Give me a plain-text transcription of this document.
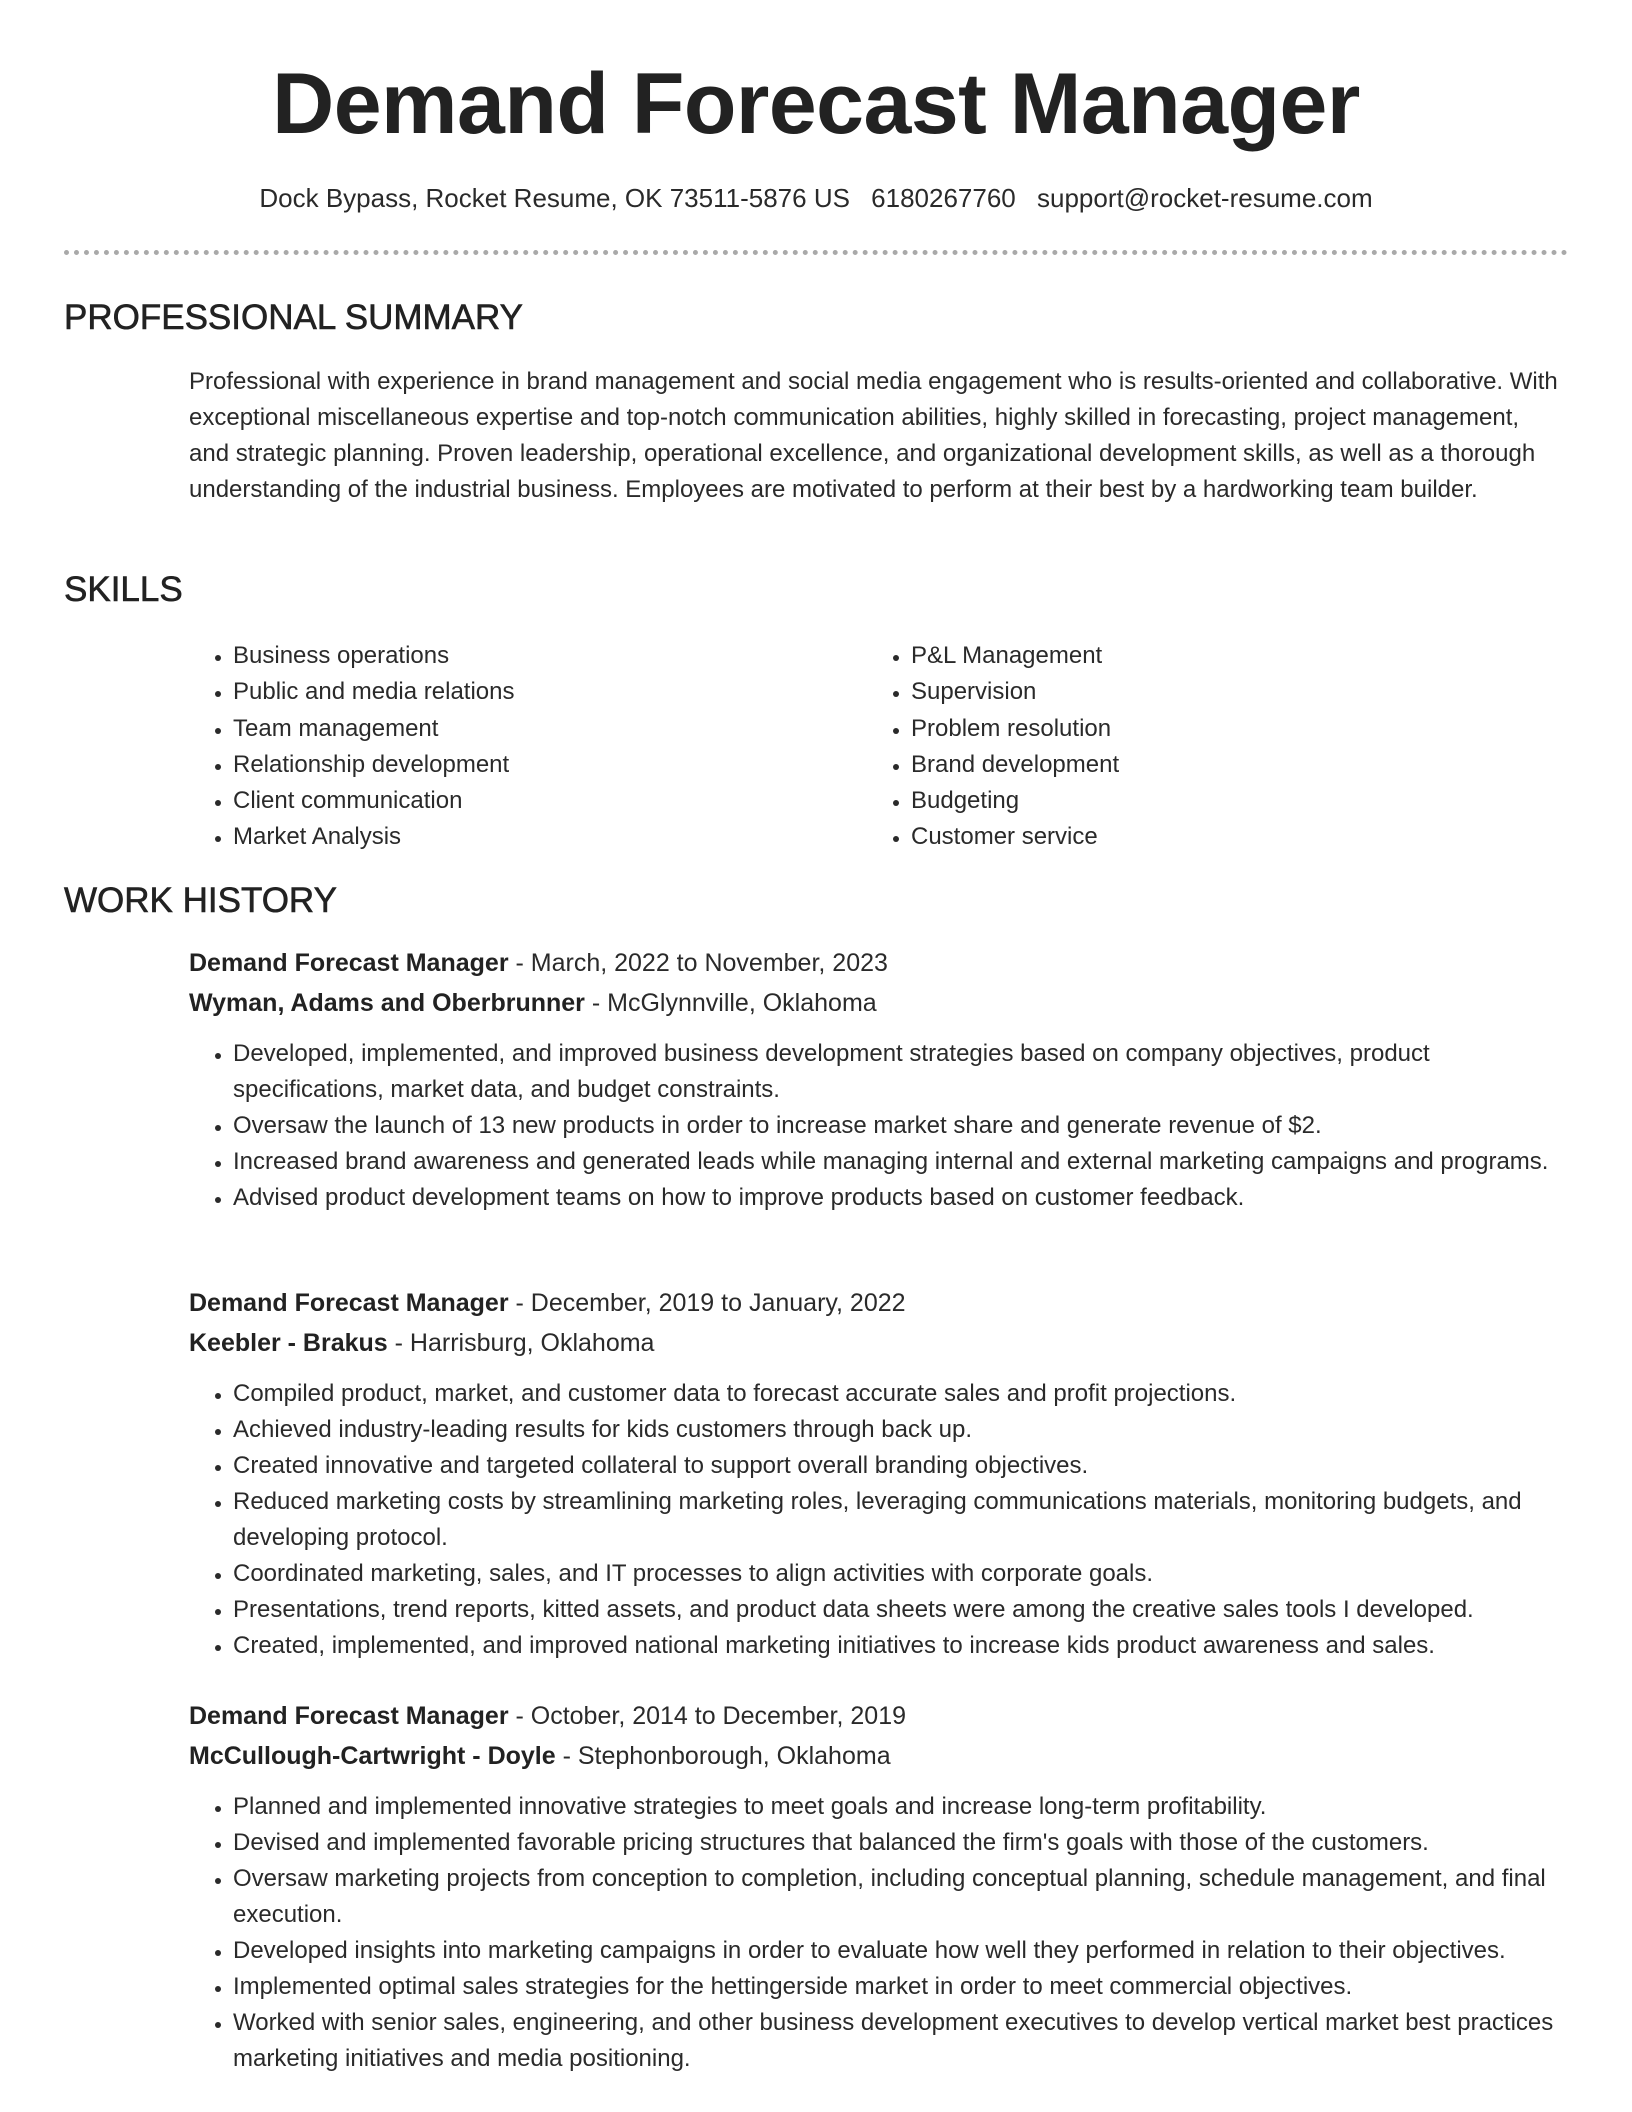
Demand Forecast Manager
Dock Bypass, Rocket Resume, OK 73511-5876 US 6180267760 support@rocket-resume.com
PROFESSIONAL SUMMARY

Professional with experience in brand management and social media engagement who is results-oriented and collaborative. With exceptional miscellaneous expertise and top-notch communication abilities, highly skilled in forecasting, project management, and strategic planning. Proven leadership, operational excellence, and organizational development skills, as well as a thorough understanding of the industrial business. Employees are motivated to perform at their best by a hardworking team builder.

SKILLS
• Business operations
• Public and media relations
• Team management
• Relationship development
• Client communication
• Market Analysis
• P&L Management
• Supervision
• Problem resolution
• Brand development
• Budgeting
• Customer service
WORK HISTORY
Demand Forecast Manager - March, 2022 to November, 2023
Wyman, Adams and Oberbrunner - McGlynnville, Oklahoma
• Developed, implemented, and improved business development strategies based on company objectives, product specifications, market data, and budget constraints.
• Oversaw the launch of 13 new products in order to increase market share and generate revenue of $2.
• Increased brand awareness and generated leads while managing internal and external marketing campaigns and programs.
• Advised product development teams on how to improve products based on customer feedback.
Demand Forecast Manager - December, 2019 to January, 2022
Keebler - Brakus - Harrisburg, Oklahoma
• Compiled product, market, and customer data to forecast accurate sales and profit projections.
• Achieved industry-leading results for kids customers through back up.
• Created innovative and targeted collateral to support overall branding objectives.
• Reduced marketing costs by streamlining marketing roles, leveraging communications materials, monitoring budgets, and developing protocol.
• Coordinated marketing, sales, and IT processes to align activities with corporate goals.
• Presentations, trend reports, kitted assets, and product data sheets were among the creative sales tools I developed.
• Created, implemented, and improved national marketing initiatives to increase kids product awareness and sales.
Demand Forecast Manager - October, 2014 to December, 2019
McCullough-Cartwright - Doyle - Stephonborough, Oklahoma
• Planned and implemented innovative strategies to meet goals and increase long-term profitability.
• Devised and implemented favorable pricing structures that balanced the firm's goals with those of the customers.
• Oversaw marketing projects from conception to completion, including conceptual planning, schedule management, and final execution.
• Developed insights into marketing campaigns in order to evaluate how well they performed in relation to their objectives.
• Implemented optimal sales strategies for the hettingerside market in order to meet commercial objectives.
• Worked with senior sales, engineering, and other business development executives to develop vertical market best practices marketing initiatives and media positioning.
